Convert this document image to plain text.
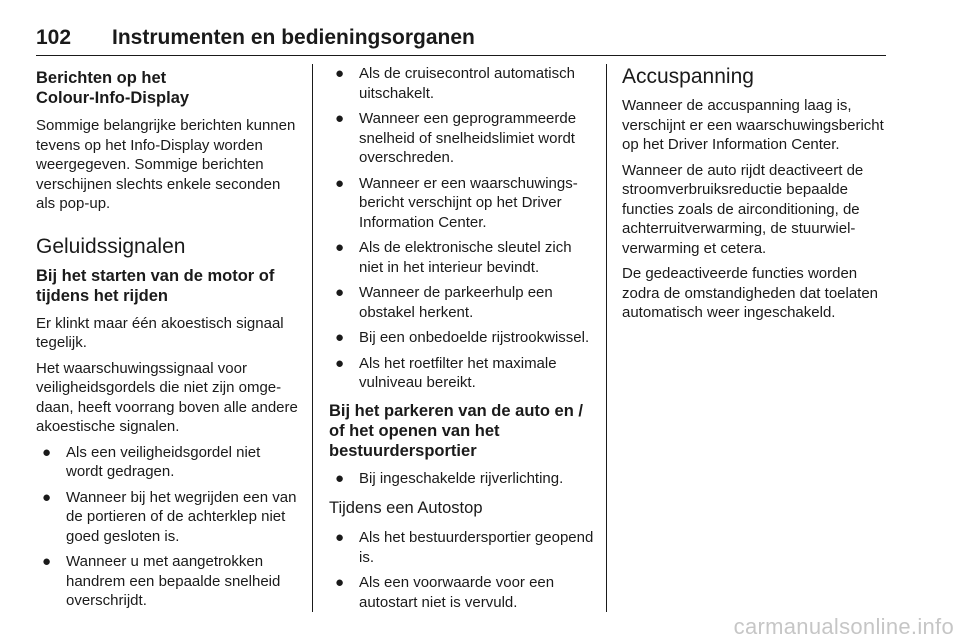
102 Instrumenten en bedieningsorganen
Berichten op het
Colour-Info-Display

Sommige belangrijke berichten kunnen tevens op het Info-Display worden weergegeven. Sommige berichten verschijnen slechts enkele seconden als pop-up.

Geluidssignalen
Bij het starten van de motor of tijdens het rijden

Er klinkt maar één akoestisch signaal tegelijk.

Het waarschuwingssignaal voor veiligheidsgordels die niet zijn omgedaan, heeft voorrang boven alle andere akoestische signalen.

● Als een veiligheidsgordel niet wordt gedragen.
● Wanneer bij het wegrijden een van de portieren of de achterklep niet goed gesloten is.
● Wanneer u met aangetrokken handrem een bepaalde snelheid overschrijdt.
● Als de cruisecontrol automatisch uitschakelt.
● Wanneer een geprogrammeerde snelheid of snelheidslimiet wordt overschreden.
● Wanneer er een waarschuwingsbericht verschijnt op het Driver Information Center.
● Als de elektronische sleutel zich niet in het interieur bevindt.
● Wanneer de parkeerhulp een obstakel herkent.
● Bij een onbedoelde rijstrookwissel.
● Als het roetfilter het maximale vulniveau bereikt.
Bij het parkeren van de auto en / of het openen van het bestuurdersportier
● Bij ingeschakelde rijverlichting.
Tijdens een Autostop
● Als het bestuurdersportier geopend is.
● Als een voorwaarde voor een autostart niet is vervuld.
Accuspanning

Wanneer de accuspanning laag is, verschijnt er een waarschuwingsbericht op het Driver Information Center.

Wanneer de auto rijdt deactiveert de stroomverbruiksreductie bepaalde functies zoals de airconditioning, de achterruitverwarming, de stuurwielverwarming et cetera.

De gedeactiveerde functies worden zodra de omstandigheden dat toelaten automatisch weer ingeschakeld.

carmanualsonline.info
